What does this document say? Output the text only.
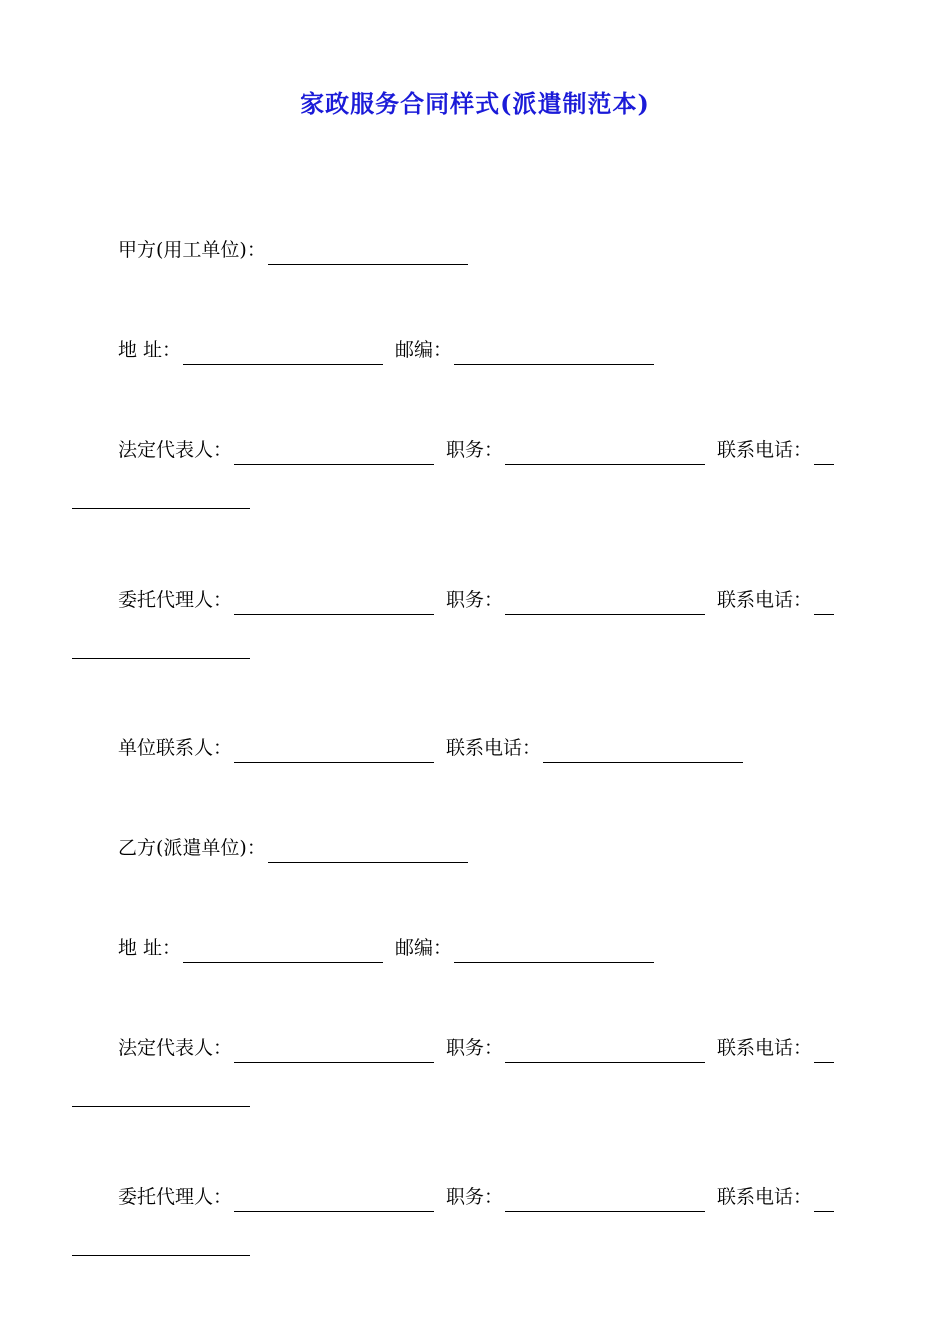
家政服务合同样式(派遣制范本)
甲方(用工单位)：
地 址：	邮编：
法定代表人：	职务：	联系电话：
委托代理人：	职务：	联系电话：
单位联系人：	联系电话：
乙方(派遣单位)：
地 址：	邮编：
法定代表人：	职务：	联系电话：
委托代理人：	职务：	联系电话：
